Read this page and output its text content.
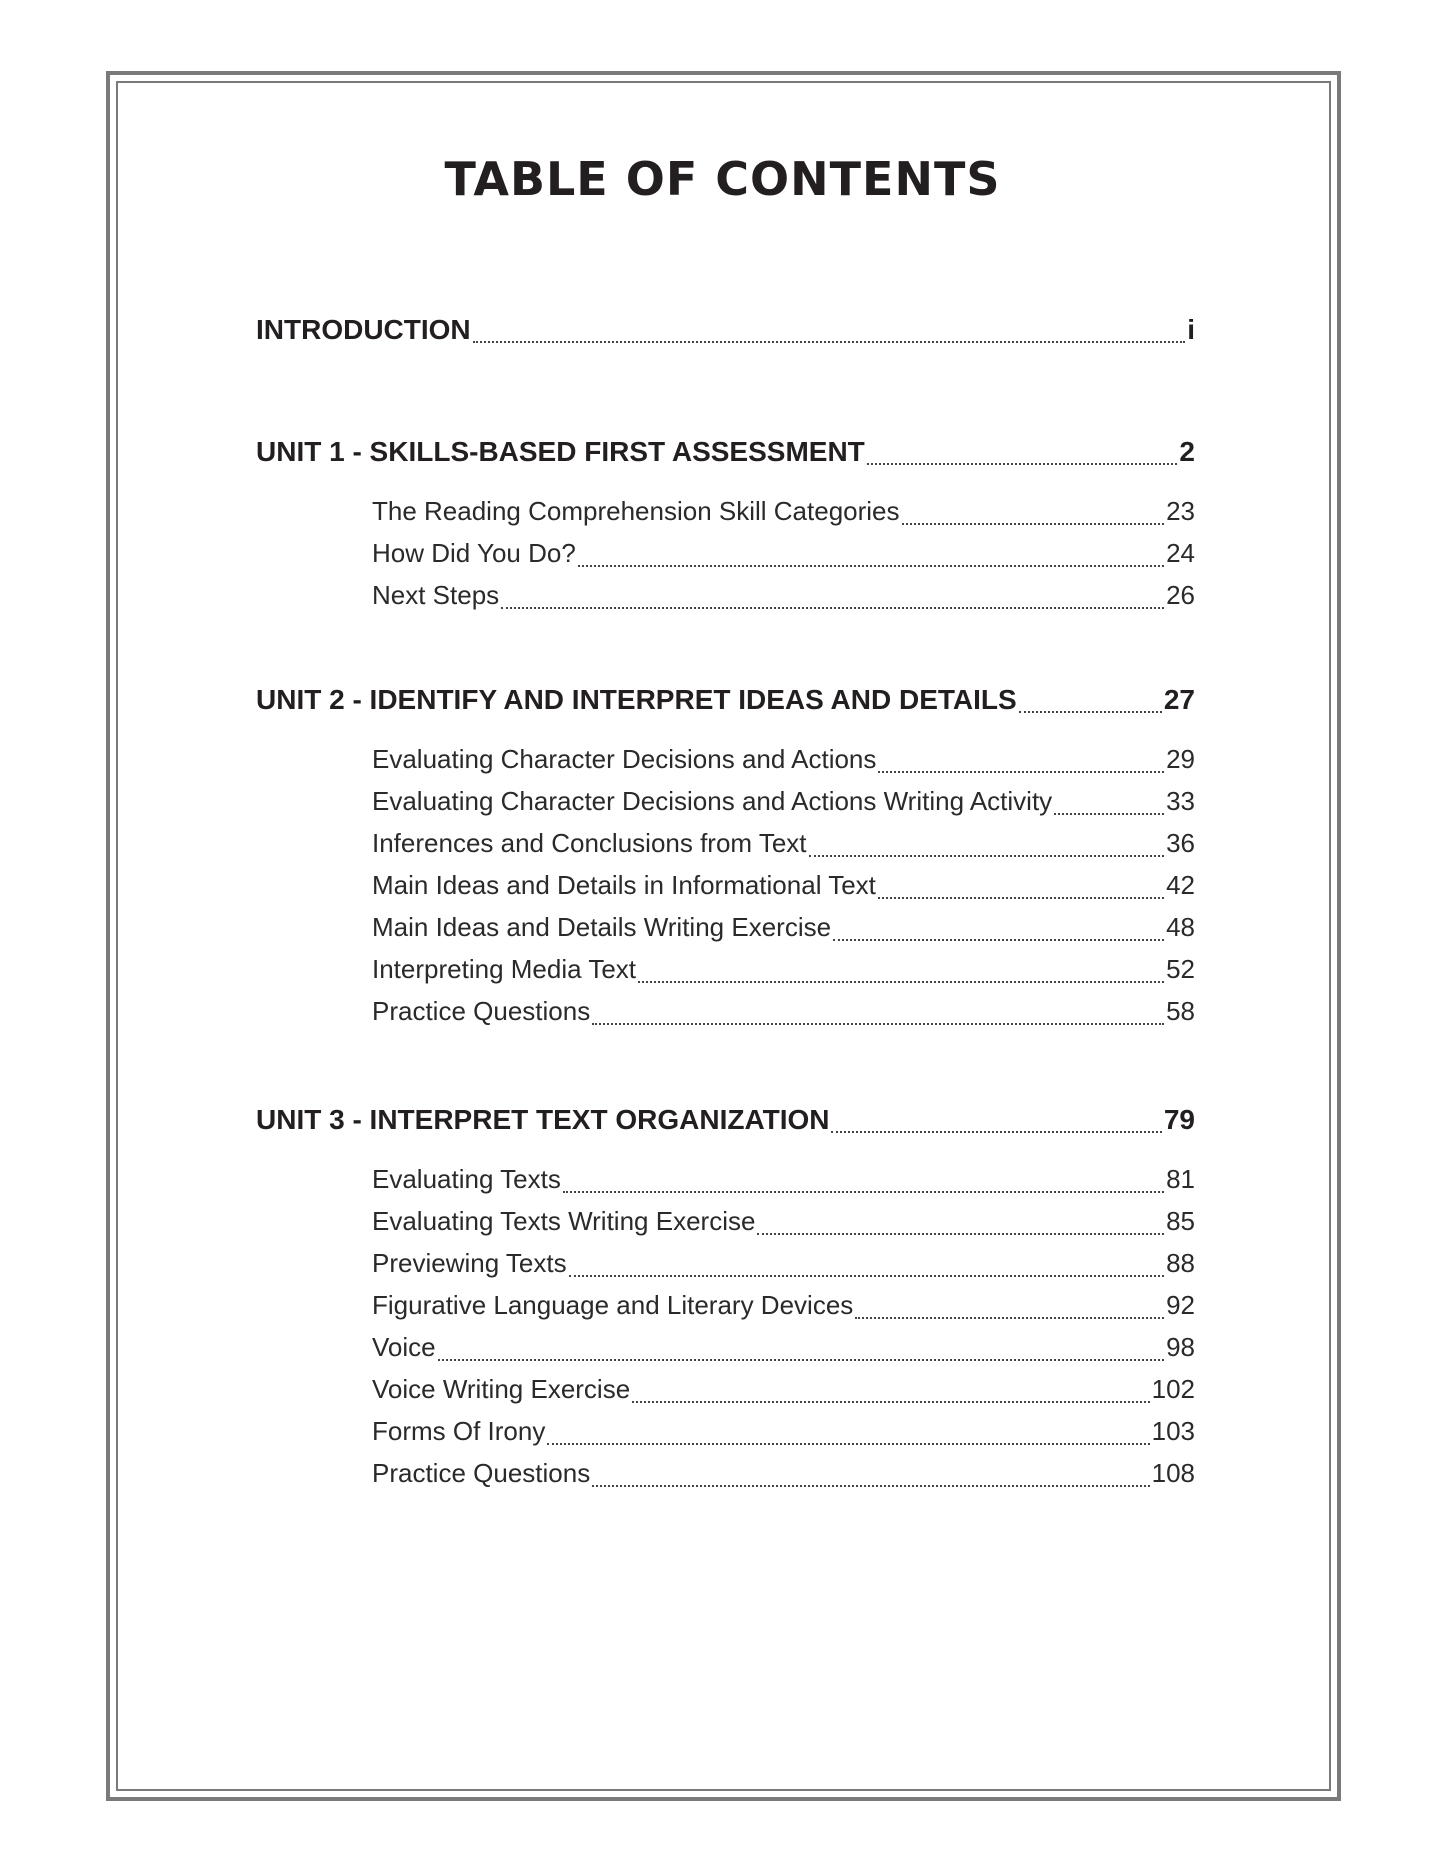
TABLE OF CONTENTS
INTRODUCTION	i
UNIT 1 - SKILLS-BASED FIRST ASSESSMENT	2
The Reading Comprehension Skill Categories	23
How Did You Do?	24
Next Steps	26
UNIT 2 - IDENTIFY AND INTERPRET IDEAS AND DETAILS	27
Evaluating Character Decisions and Actions	29
Evaluating Character Decisions and Actions Writing Activity	33
Inferences and Conclusions from Text	36
Main Ideas and Details in Informational Text	42
Main Ideas and Details Writing Exercise	48
Interpreting Media Text	52
Practice Questions	58
UNIT 3 - INTERPRET TEXT ORGANIZATION	79
Evaluating Texts	81
Evaluating Texts Writing Exercise	85
Previewing Texts	88
Figurative Language and Literary Devices	92
Voice	98
Voice Writing Exercise	102
Forms Of Irony	103
Practice Questions	108
